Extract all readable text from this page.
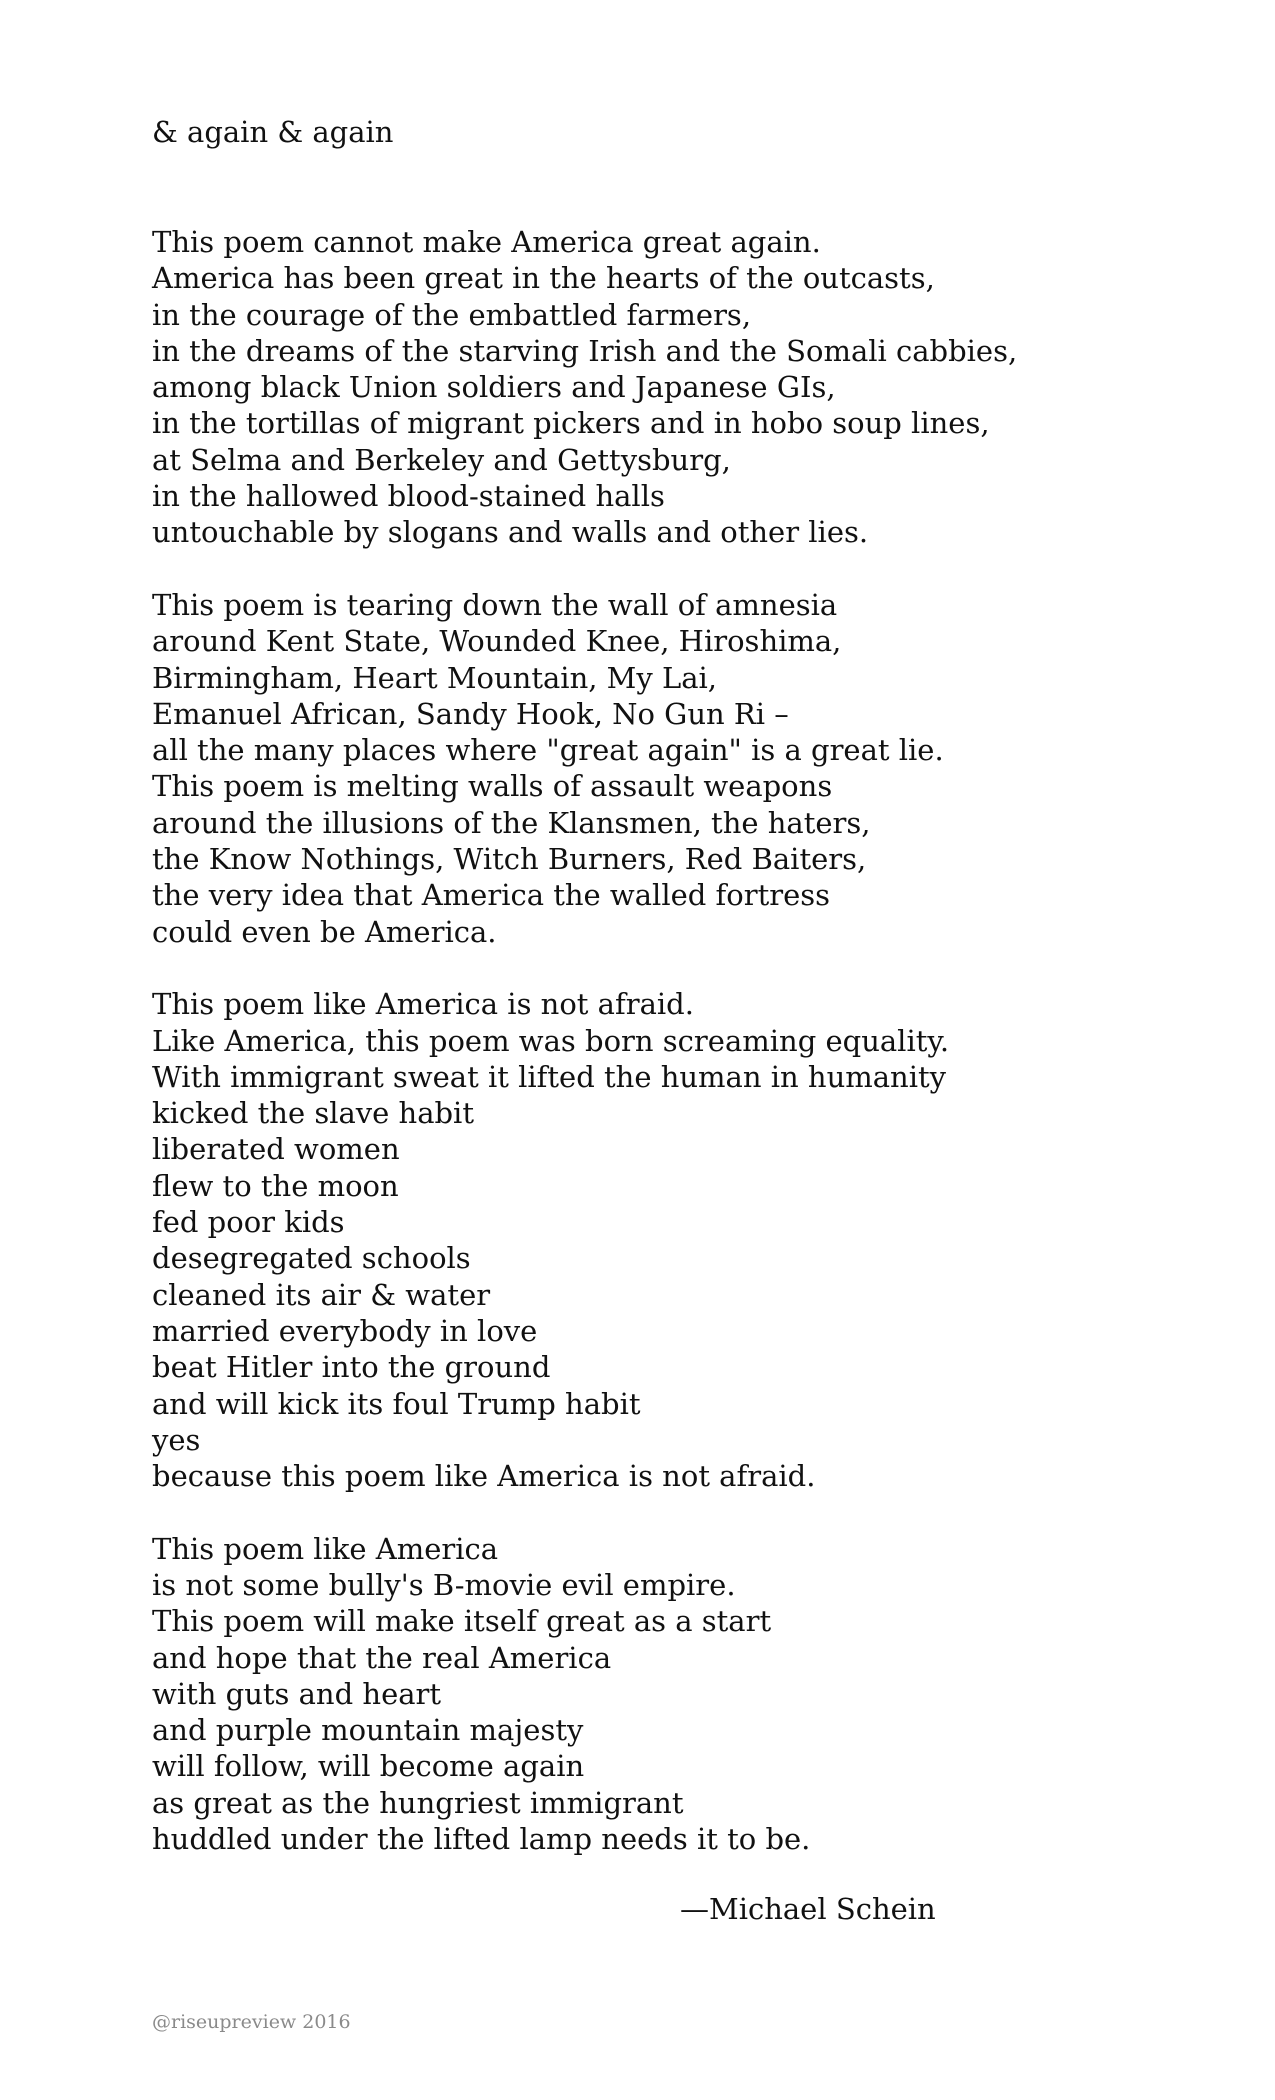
& again & again
This poem cannot make America great again.
America has been great in the hearts of the outcasts,
in the courage of the embattled farmers,
in the dreams of the starving Irish and the Somali cabbies,
among black Union soldiers and Japanese GIs,
in the tortillas of migrant pickers and in hobo soup lines,
at Selma and Berkeley and Gettysburg,
in the hallowed blood-stained halls
untouchable by slogans and walls and other lies.
This poem is tearing down the wall of amnesia
around Kent State, Wounded Knee, Hiroshima,
Birmingham, Heart Mountain, My Lai,
Emanuel African, Sandy Hook, No Gun Ri –
all the many places where "great again" is a great lie.
This poem is melting walls of assault weapons
around the illusions of the Klansmen, the haters,
the Know Nothings, Witch Burners, Red Baiters,
the very idea that America the walled fortress
could even be America.
This poem like America is not afraid.
Like America, this poem was born screaming equality.
With immigrant sweat it lifted the human in humanity
kicked the slave habit
liberated women
flew to the moon
fed poor kids
desegregated schools
cleaned its air & water
married everybody in love
beat Hitler into the ground
and will kick its foul Trump habit
yes
because this poem like America is not afraid.
This poem like America
is not some bully's B-movie evil empire.
This poem will make itself great as a start
and hope that the real America
with guts and heart
and purple mountain majesty
will follow, will become again
as great as the hungriest immigrant
huddled under the lifted lamp needs it to be.
—Michael Schein
@riseupreview 2016
